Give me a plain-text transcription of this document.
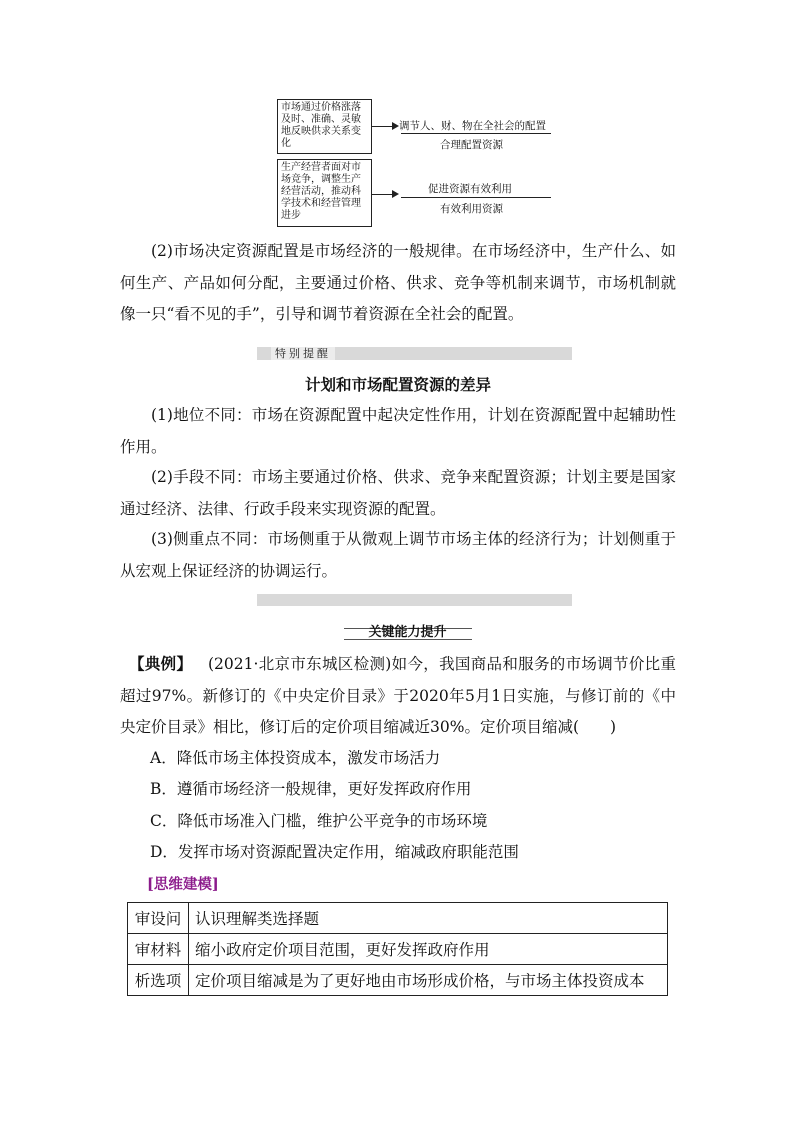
市场通过价格涨落及时、准确、灵敏地反映供求关系变化
调节人、财、物在全社会的配置
合理配置资源
生产经营者面对市场竞争，调整生产经营活动，推动科学技术和经营管理进步
促进资源有效利用
有效利用资源
(2)市场决定资源配置是市场经济的一般规律。在市场经济中，生产什么、如何生产、产品如何分配，主要通过价格、供求、竞争等机制来调节，市场机制就像一只“看不见的手”，引导和调节着资源在全社会的配置。
特别提醒
计划和市场配置资源的差异
(1)地位不同：市场在资源配置中起决定性作用，计划在资源配置中起辅助性作用。
(2)手段不同：市场主要通过价格、供求、竞争来配置资源；计划主要是国家通过经济、法律、行政手段来实现资源的配置。
(3)侧重点不同：市场侧重于从微观上调节市场主体的经济行为；计划侧重于从宏观上保证经济的协调运行。
关键能力提升
【典例】 (2021·北京市东城区检测)如今，我国商品和服务的市场调节价比重超过97%。新修订的《中央定价目录》于2020年5月1日实施，与修订前的《中央定价目录》相比，修订后的定价项目缩减近30%。定价项目缩减(　　)
A．降低市场主体投资成本，激发市场活力
B．遵循市场经济一般规律，更好发挥政府作用
C．降低市场准入门槛，维护公平竞争的市场环境
D．发挥市场对资源配置决定作用，缩减政府职能范围
[思维建模]
审设问	认识理解类选择题
审材料	缩小政府定价项目范围，更好发挥政府作用
析选项	定价项目缩减是为了更好地由市场形成价格，与市场主体投资成本
